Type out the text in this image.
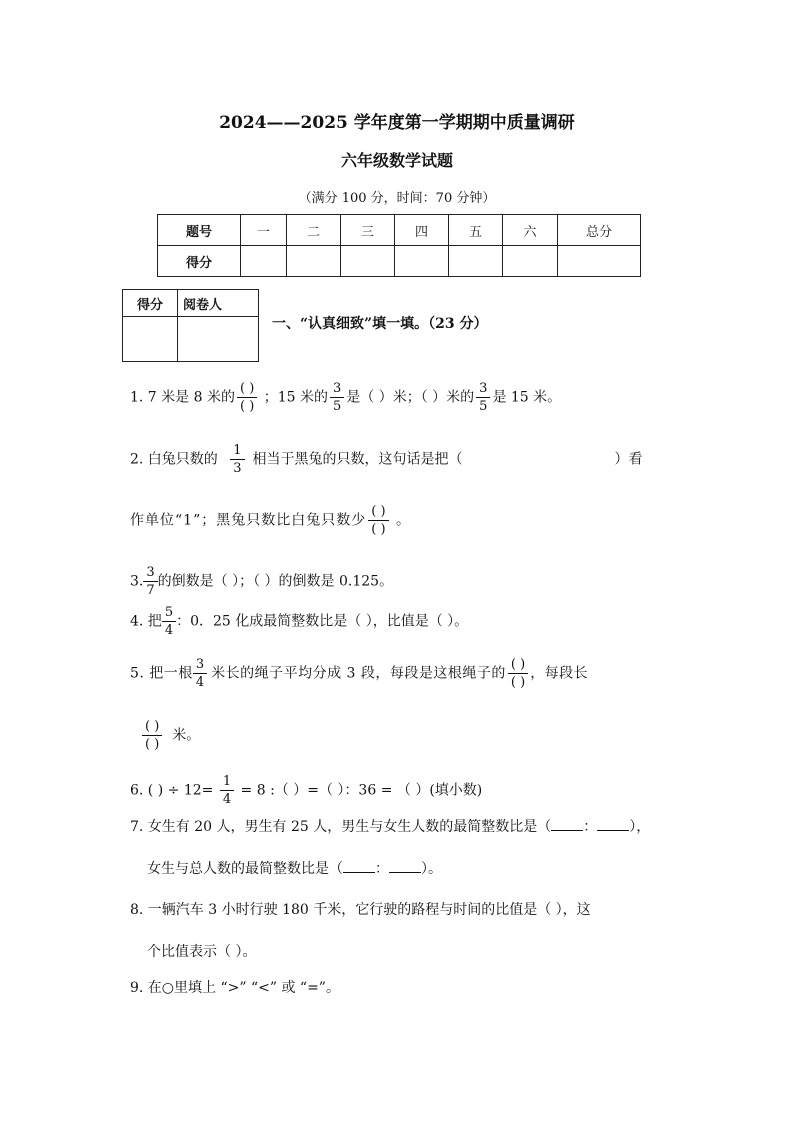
2024——2025 学年度第一学期期中质量调研
六年级数学试题
（满分 100 分，时间：70 分钟）
题号	一	二	三	四	五	六	总分
得分							
得分	阅卷人

一、“认真细致”填一填。（23 分）
1. 7 米是 8 米的 $\frac{( )}{( )}$ ；15 米的 $\frac{3}{5}$ 是（ ）米；（ ）米的 $\frac{3}{5}$ 是 15 米。
2. 白兔只数的 $\frac{1}{3}$ 相当于黑兔的只数，这句话是把（	）看
作单位“1”；黑兔只数比白兔只数少 $\frac{( )}{( )}$ 。
3. $\frac{3}{7}$ 的倒数是（ ）；（ ）的倒数是 0.125。
4. 把 $\frac{5}{4}$ ：0．25 化成最简整数比是（ ），比值是（ ）。
5. 把一根 $\frac{3}{4}$ 米长的绳子平均分成 3 段，每段是这根绳子的 $\frac{( )}{( )}$ ，每段长
$\frac{( )}{( )}$ 米。
6. ( ) ÷ $12= \frac{1}{4} = 8$ :（ ）=（ ）：36 = （ ）(填小数)
7. 女生有 20 人，男生有 25 人，男生与女生人数的最简整数比是（ ： ），
女生与总人数的最简整数比是（ ： ）。
8. 一辆汽车 3 小时行驶 180 千米，它行驶的路程与时间的比值是（ ），这
个比值表示（ ）。
9. 在○里填上 “>” “<” 或 “=”。
